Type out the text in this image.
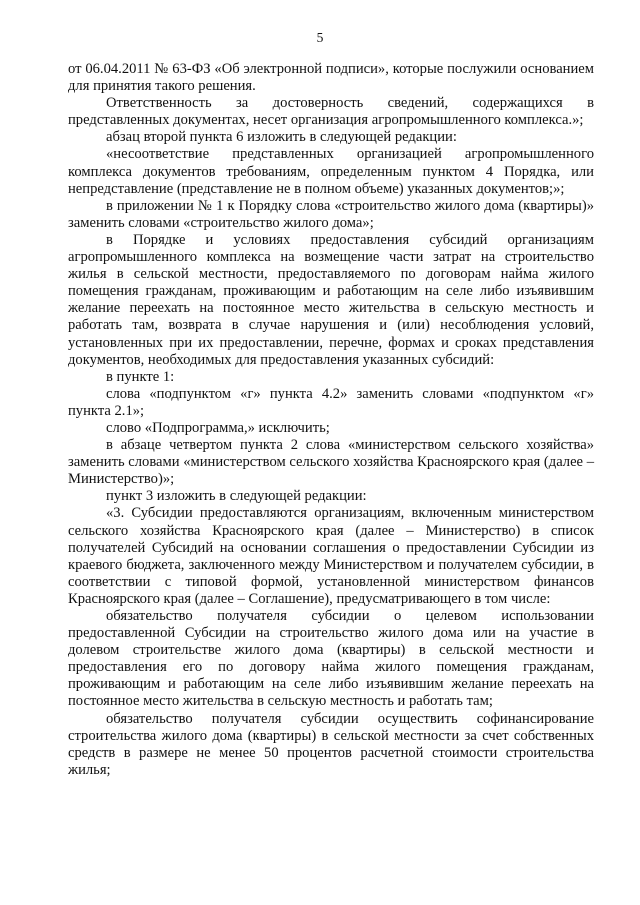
5

от 06.04.2011 № 63-ФЗ «Об электронной подписи», которые послужили основанием для принятия такого решения.

Ответственность за достоверность сведений, содержащихся в представленных документах, несет организация агропромышленного комплекса.»;

абзац второй пункта 6 изложить в следующей редакции:

«несоответствие представленных организацией агропромышленного комплекса документов требованиям, определенным пунктом 4 Порядка, или непредставление (представление не в полном объеме) указанных документов;»;

в приложении № 1 к Порядку слова «строительство жилого дома (квартиры)» заменить словами «строительство жилого дома»;

в Порядке и условиях предоставления субсидий организациям агропромышленного комплекса на возмещение части затрат на строительство жилья в сельской местности, предоставляемого по договорам найма жилого помещения гражданам, проживающим и работающим на селе либо изъявившим желание переехать на постоянное место жительства в сельскую местность и работать там, возврата в случае нарушения и (или) несоблюдения условий, установленных при их предоставлении, перечне, формах и сроках представления документов, необходимых для предоставления указанных субсидий:

в пункте 1:

слова «подпунктом «г» пункта 4.2» заменить словами «подпунктом «г» пункта 2.1»;

слово «Подпрограмма,» исключить;

в абзаце четвертом пункта 2 слова «министерством сельского хозяйства» заменить словами «министерством сельского хозяйства Красноярского края (далее – Министерство)»;

пункт 3 изложить в следующей редакции:

«3. Субсидии предоставляются организациям, включенным министерством сельского хозяйства Красноярского края (далее – Министерство) в список получателей Субсидий на основании соглашения о предоставлении Субсидии из краевого бюджета, заключенного между Министерством и получателем субсидии, в соответствии с типовой формой, установленной министерством финансов Красноярского края (далее – Соглашение), предусматривающего в том числе:

обязательство получателя субсидии о целевом использовании предоставленной Субсидии на строительство жилого дома или на участие в долевом строительстве жилого дома (квартиры) в сельской местности и предоставления его по договору найма жилого помещения гражданам, проживающим и работающим на селе либо изъявившим желание переехать на постоянное место жительства в сельскую местность и работать там;

обязательство получателя субсидии осуществить софинансирование строительства жилого дома (квартиры) в сельской местности за счет собственных средств в размере не менее 50 процентов расчетной стоимости строительства жилья;
